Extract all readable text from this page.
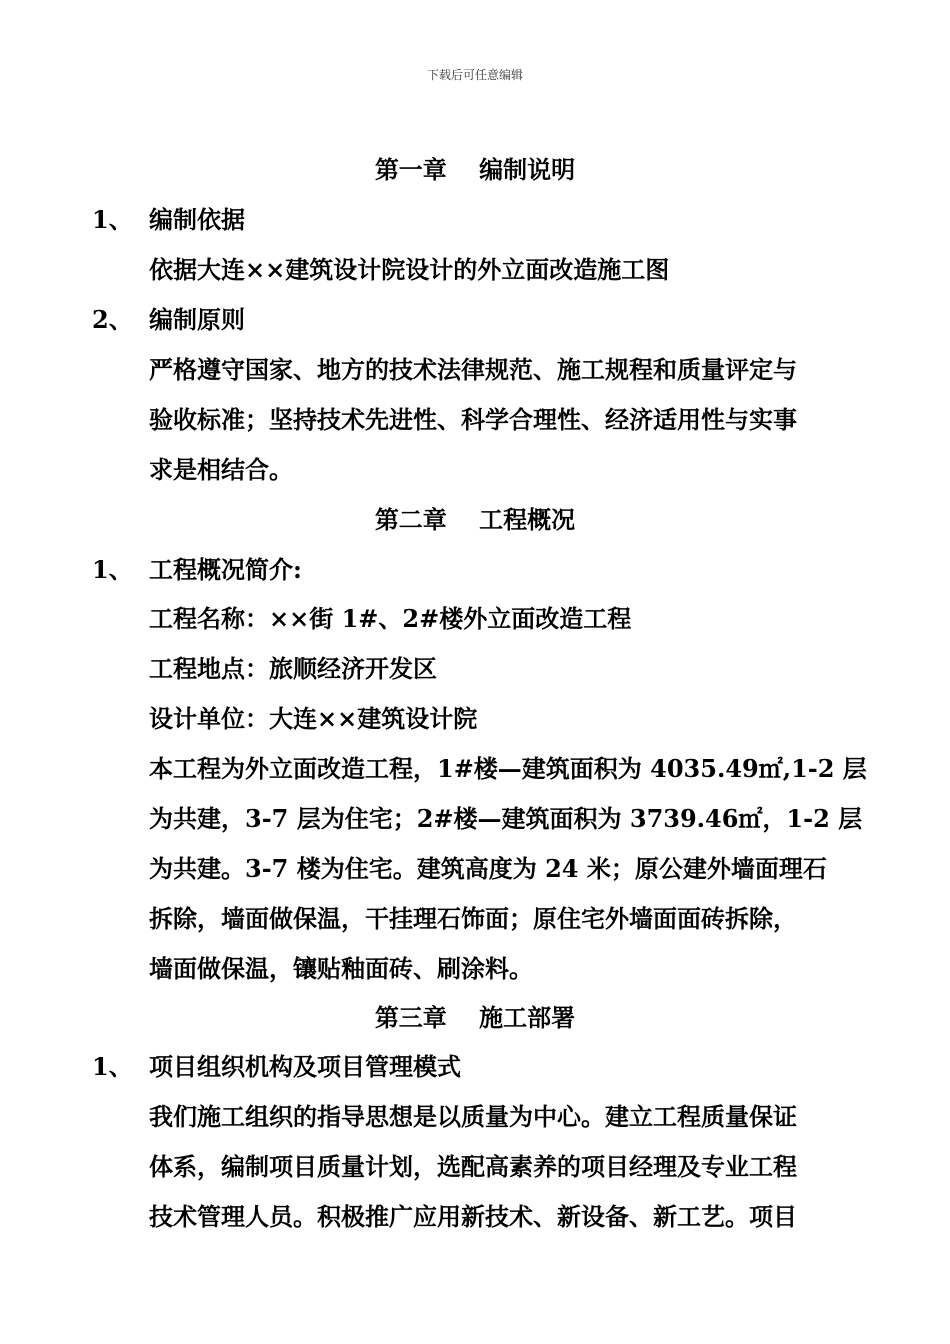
下载后可任意编辑
第一章　 编制说明
1、 编制依据
依据大连××建筑设计院设计的外立面改造施工图
2、 编制原则
严格遵守国家、地方的技术法律规范、施工规程和质量评定与
验收标准；坚持技术先进性、科学合理性、经济适用性与实事
求是相结合。
第二章　 工程概况
1、 工程概况简介:
工程名称：××街 1#、2#楼外立面改造工程
工程地点：旅顺经济开发区
设计单位：大连××建筑设计院
本工程为外立面改造工程，1#楼—建筑面积为 4035.49㎡,1-2 层
为共建，3-7 层为住宅；2#楼—建筑面积为 3739.46㎡，1-2 层
为共建。3-7 楼为住宅。建筑高度为 24 米；原公建外墙面理石
拆除，墙面做保温，干挂理石饰面；原住宅外墙面面砖拆除，
墙面做保温，镶贴釉面砖、刷涂料。
第三章　 施工部署
1、 项目组织机构及项目管理模式
我们施工组织的指导思想是以质量为中心。建立工程质量保证
体系，编制项目质量计划，选配高素养的项目经理及专业工程
技术管理人员。积极推广应用新技术、新设备、新工艺。项目
